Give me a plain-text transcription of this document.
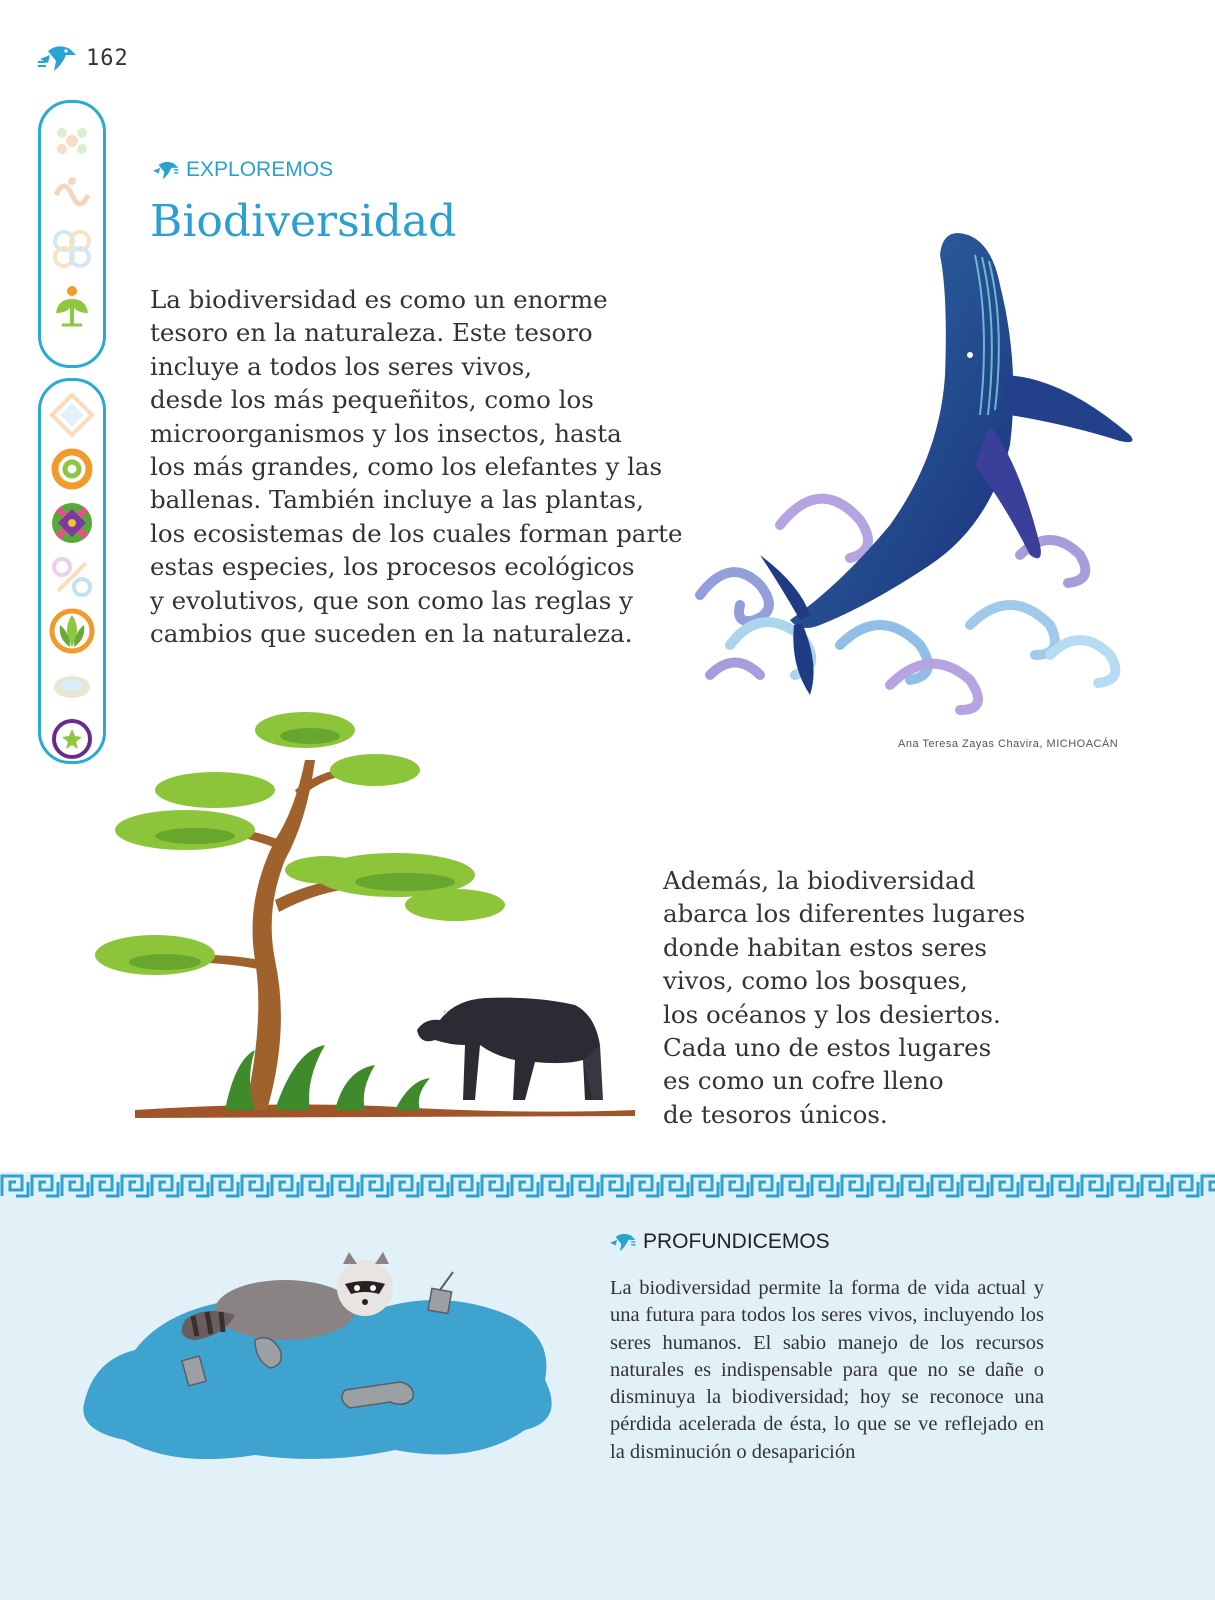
162
EXPLOREMOS
Biodiversidad
La biodiversidad es como un enorme
tesoro en la naturaleza. Este tesoro
incluye a todos los seres vivos,
desde los más pequeñitos, como los
microorganismos y los insectos, hasta
los más grandes, como los elefantes y las
ballenas. También incluye a las plantas,
los ecosistemas de los cuales forman parte
estas especies, los procesos ecológicos
y evolutivos, que son como las reglas y
cambios que suceden en la naturaleza.
Ana Teresa Zayas Chavira, MICHOACÁN
Además, la biodiversidad
abarca los diferentes lugares
donde habitan estos seres
vivos, como los bosques,
los océanos y los desiertos.
Cada uno de estos lugares
es como un cofre lleno
de tesoros únicos.
PROFUNDICEMOS
La biodiversidad permite la forma de vida actual y una futura para todos los seres vivos, incluyendo los seres humanos. El sabio manejo de los recursos naturales es indispensable para que no se dañe o disminuya la biodiversidad; hoy se reconoce una pérdida acelerada de ésta, lo que se ve reflejado en la disminución o desaparición
